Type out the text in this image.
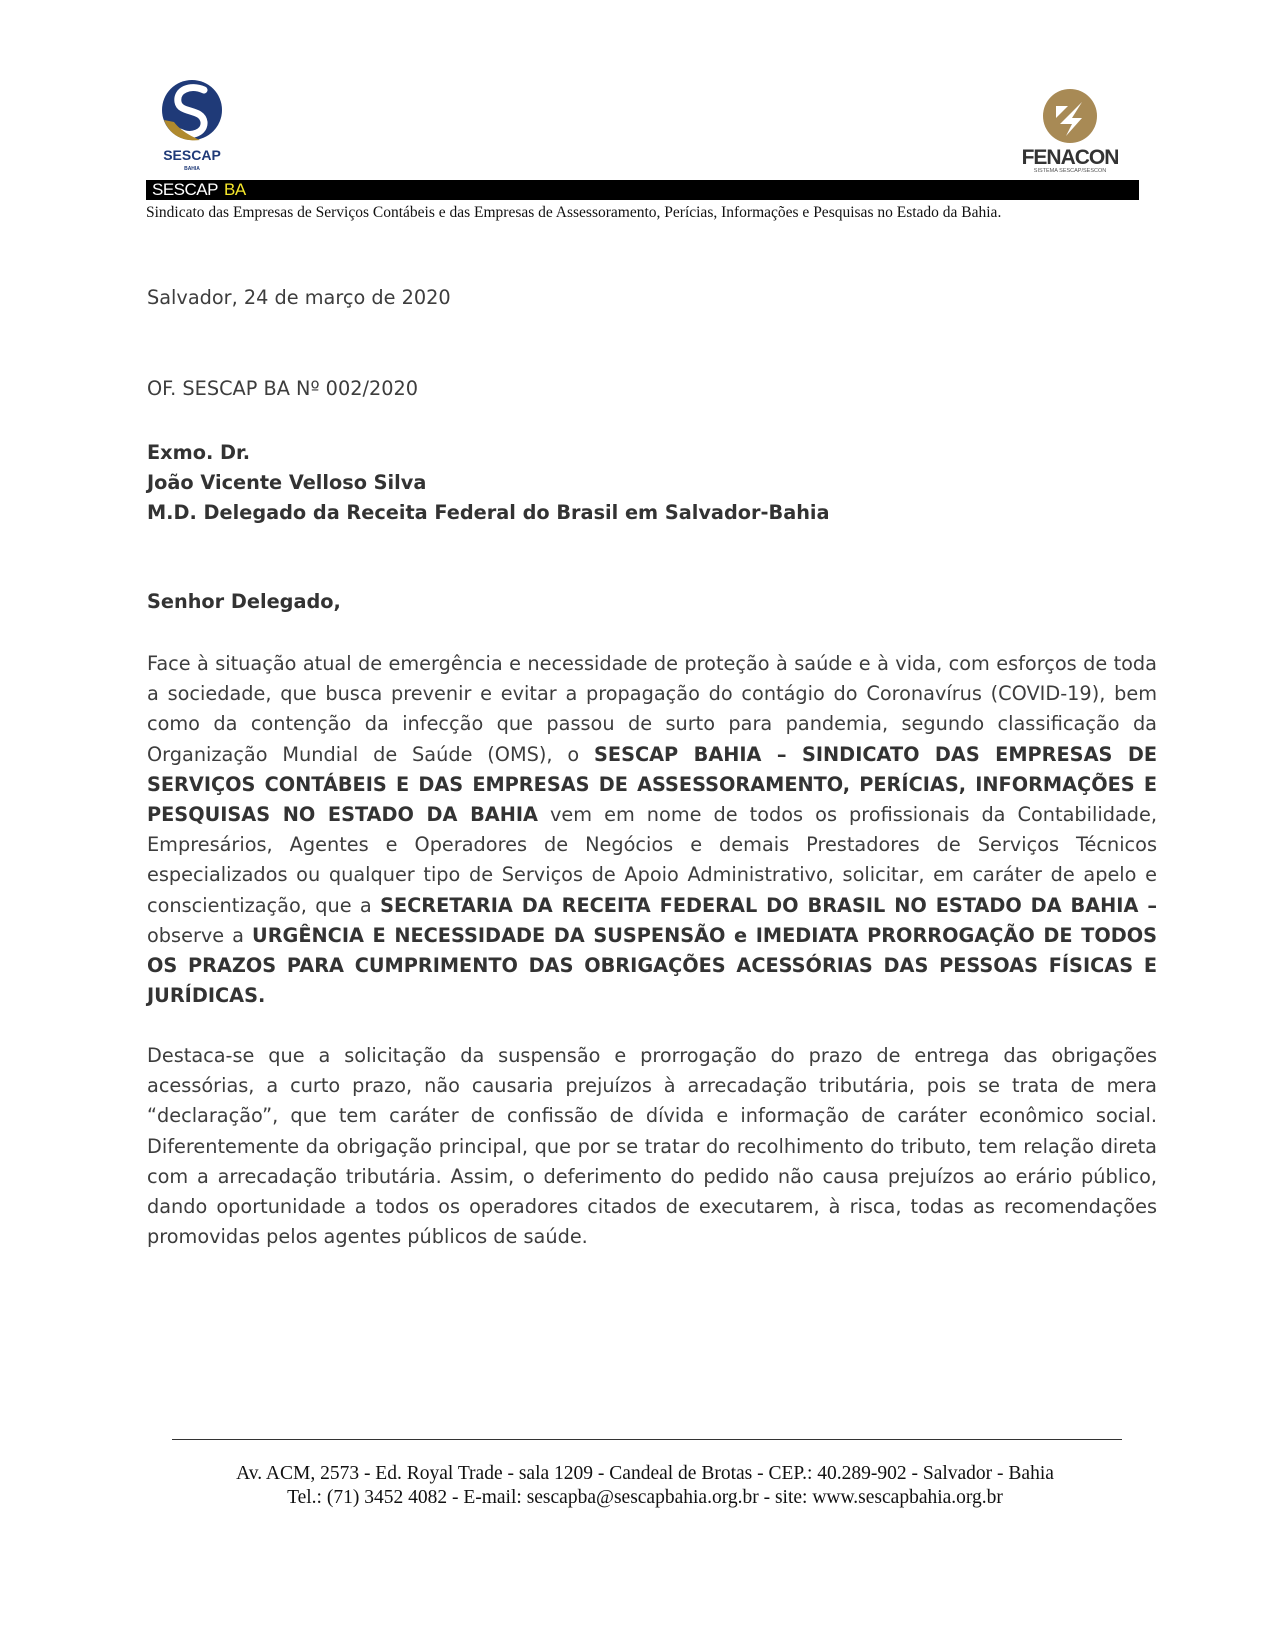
SESCAP
BAHIA	FENACON
SISTEMA SESCAP/SESCON
SESCAP BA
Sindicato das Empresas de Serviços Contábeis e das Empresas de Assessoramento, Perícias, Informações e Pesquisas no Estado da Bahia.
Salvador, 24 de março de 2020
OF. SESCAP BA Nº 002/2020
Exmo. Dr.
João Vicente Velloso Silva
M.D. Delegado da Receita Federal do Brasil em Salvador-Bahia
Senhor Delegado,
Face à situação atual de emergência e necessidade de proteção à saúde e à vida, com esforços de toda a sociedade, que busca prevenir e evitar a propagação do contágio do Coronavírus (COVID-19), bem como da contenção da infecção que passou de surto para pandemia, segundo classificação da Organização Mundial de Saúde (OMS), o SESCAP BAHIA – SINDICATO DAS EMPRESAS DE SERVIÇOS CONTÁBEIS E DAS EMPRESAS DE ASSESSORAMENTO, PERÍCIAS, INFORMAÇÕES E PESQUISAS NO ESTADO DA BAHIA vem em nome de todos os profissionais da Contabilidade, Empresários, Agentes e Operadores de Negócios e demais Prestadores de Serviços Técnicos especializados ou qualquer tipo de Serviços de Apoio Administrativo, solicitar, em caráter de apelo e conscientização, que a SECRETARIA DA RECEITA FEDERAL DO BRASIL NO ESTADO DA BAHIA – observe a URGÊNCIA E NECESSIDADE DA SUSPENSÃO e IMEDIATA PRORROGAÇÃO DE TODOS OS PRAZOS PARA CUMPRIMENTO DAS OBRIGAÇÕES ACESSÓRIAS DAS PESSOAS FÍSICAS E JURÍDICAS.
Destaca-se que a solicitação da suspensão e prorrogação do prazo de entrega das obrigações acessórias, a curto prazo, não causaria prejuízos à arrecadação tributária, pois se trata de mera “declaração”, que tem caráter de confissão de dívida e informação de caráter econômico social. Diferentemente da obrigação principal, que por se tratar do recolhimento do tributo, tem relação direta com a arrecadação tributária. Assim, o deferimento do pedido não causa prejuízos ao erário público, dando oportunidade a todos os operadores citados de executarem, à risca, todas as recomendações promovidas pelos agentes públicos de saúde.
Av. ACM, 2573 - Ed. Royal Trade - sala 1209 - Candeal de Brotas - CEP.: 40.289-902 - Salvador - Bahia
Tel.: (71) 3452 4082 - E-mail: sescapba@sescapbahia.org.br - site: www.sescapbahia.org.br
